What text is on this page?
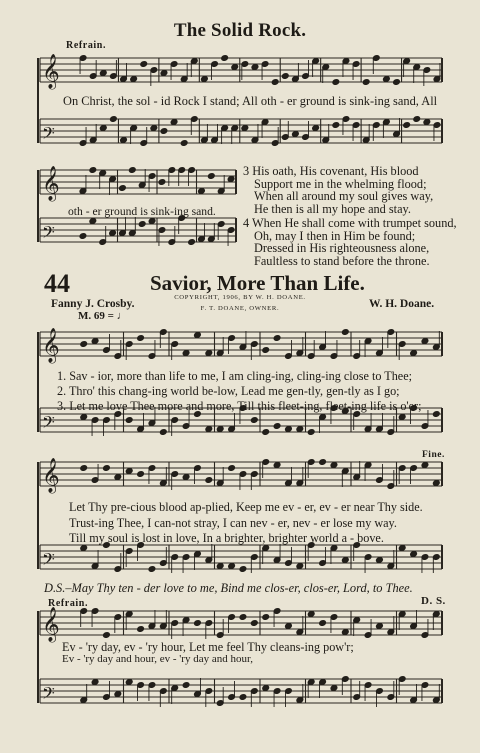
𝄞
𝄢
𝄞
𝄢
𝄞
𝄢
𝄞
𝄢
𝄞
𝄢
The Solid Rock.
Refrain.
On Christ, the sol - id Rock I stand; All oth - er ground is sink-ing sand, All
oth - er ground is sink-ing sand.
3 His oath, His covenant, His blood
Support me in the whelming flood;
When all around my soul gives way,
He then is all my hope and stay.
4 When He shall come with trumpet sound,
Oh, may I then in Him be found;
Dressed in His righteousness alone,
Faultless to stand before the throne.
44	Savior, More Than Life.
Fanny J. Crosby.	W. H. Doane.
COPYRIGHT, 1906, BY W. H. DOANE.
F. T. DOANE, OWNER.
M. 69 = ♩
1. Sav - ior, more than life to me, I am cling-ing, cling-ing close to Thee;
2. Thro' this chang-ing world be-low, Lead me gen-tly, gen-tly as I go;
3. Let me love Thee more and more, Till this fleet-ing, fleet-ing life is o'er;
Fine.
Let Thy pre-cious blood ap-plied, Keep me ev - er, ev - er near Thy side.
Trust-ing Thee, I can-not stray, I can nev - er, nev - er lose my way.
Till my soul is lost in love, In a brighter, brighter world a - bove.
D.S.–May Thy ten - der love to me, Bind me clos-er, clos-er, Lord, to Thee.
Refrain.	D. S.
Ev - 'ry day, ev - 'ry hour, Let me feel Thy cleans-ing pow'r;
Ev - 'ry day and hour, ev - 'ry day and hour,
